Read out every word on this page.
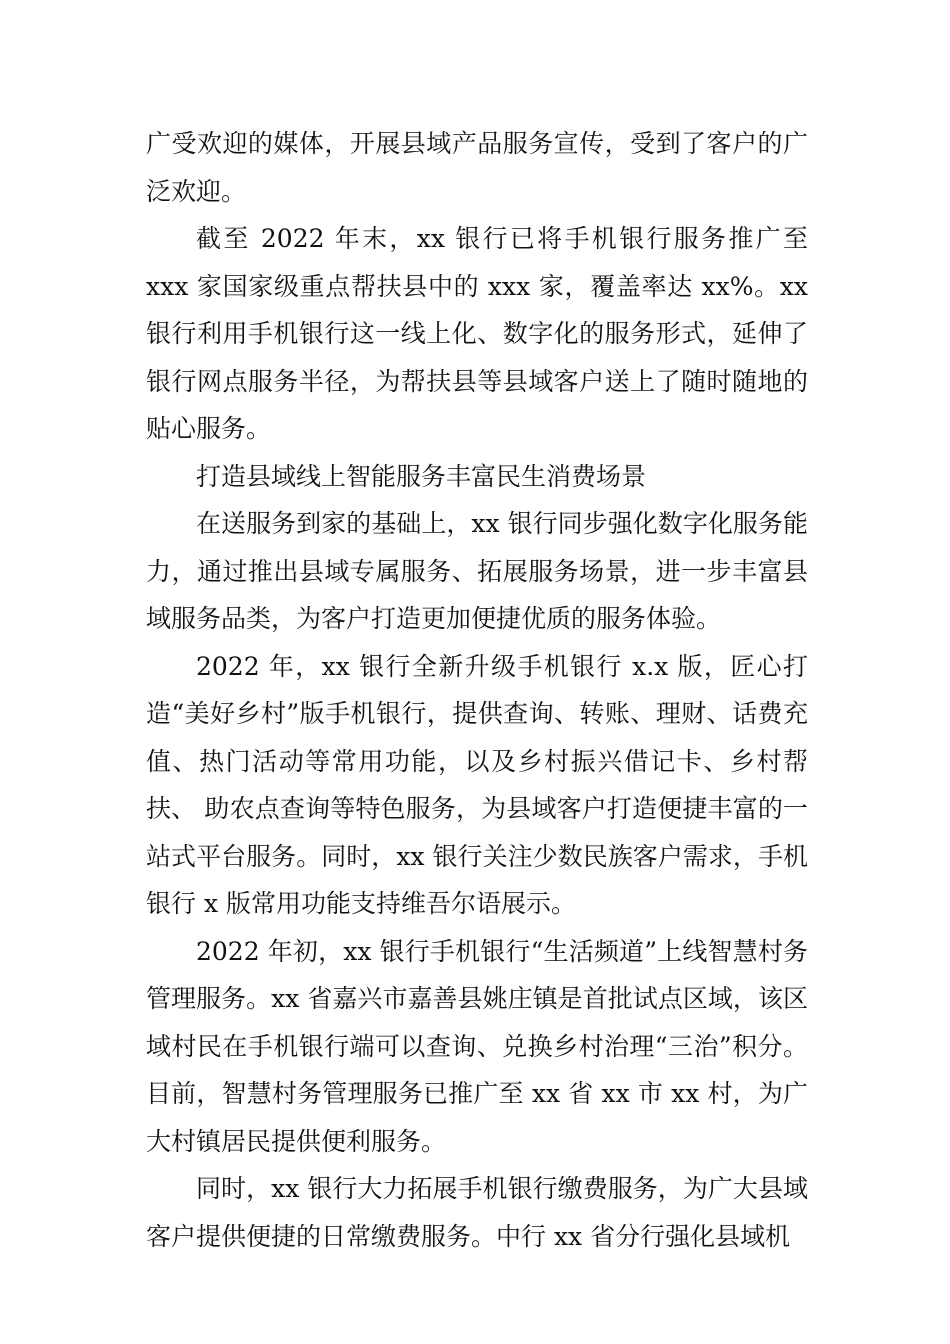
广受欢迎的媒体，开展县域产品服务宣传，受到了客户的广泛欢迎。

截至 2022 年末，xx 银行已将手机银行服务推广至 xxx 家国家级重点帮扶县中的 xxx 家，覆盖率达 xx%。xx 银行利用手机银行这一线上化、数字化的服务形式，延伸了银行网点服务半径，为帮扶县等县域客户送上了随时随地的贴心服务。

打造县域线上智能服务丰富民生消费场景

在送服务到家的基础上，xx 银行同步强化数字化服务能力，通过推出县域专属服务、拓展服务场景，进一步丰富县域服务品类，为客户打造更加便捷优质的服务体验。

2022 年，xx 银行全新升级手机银行 x.x 版，匠心打造“美好乡村”版手机银行，提供查询、转账、理财、话费充值、热门活动等常用功能，以及乡村振兴借记卡、乡村帮扶、 助农点查询等特色服务，为县域客户打造便捷丰富的一站式平台服务。同时，xx 银行关注少数民族客户需求，手机银行 x 版常用功能支持维吾尔语展示。

2022 年初，xx 银行手机银行“生活频道”上线智慧村务管理服务。xx 省嘉兴市嘉善县姚庄镇是首批试点区域，该区域村民在手机银行端可以查询、兑换乡村治理“三治”积分。目前，智慧村务管理服务已推广至 xx 省 xx 市 xx 村，为广大村镇居民提供便利服务。

同时，xx 银行大力拓展手机银行缴费服务，为广大县域客户提供便捷的日常缴费服务。中行 xx 省分行强化县域机
